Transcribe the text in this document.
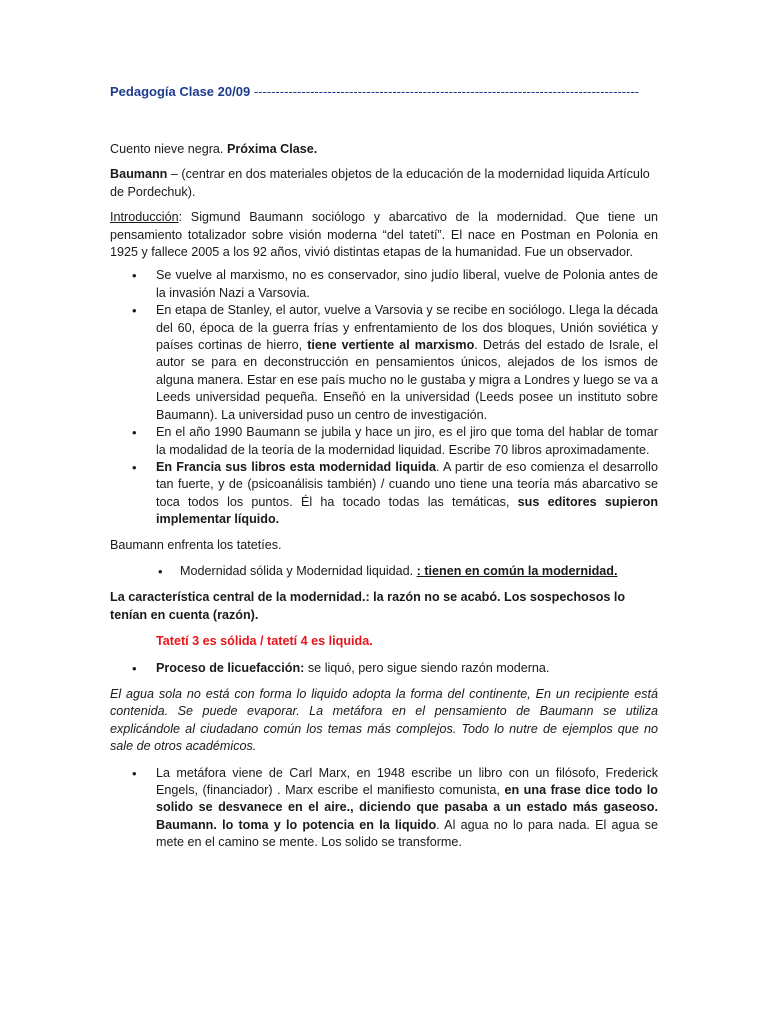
Pedagogía Clase 20/09 -----------------------------------------------------------------------------------------

Cuento nieve negra. Próxima Clase.

Baumann – (centrar en dos materiales objetos de la educación de la modernidad liquida Artículo de Pordechuk).

Introducción: Sigmund Baumann sociólogo y abarcativo de la modernidad. Que tiene un pensamiento totalizador sobre visión moderna “del tatetí”. El nace en Postman en Polonia en 1925 y fallece 2005 a los 92 años, vivió distintas etapas de la humanidad. Fue un observador.

• Se vuelve al marxismo, no es conservador, sino judío liberal, vuelve de Polonia antes de la invasión Nazi a Varsovia.
• En etapa de Stanley, el autor, vuelve a Varsovia y se recibe en sociólogo. Llega la década del 60, época de la guerra frías y enfrentamiento de los dos bloques, Unión soviética y países cortinas de hierro, tiene vertiente al marxismo. Detrás del estado de Israle, el autor se para en deconstrucción en pensamientos únicos, alejados de los ismos de alguna manera. Estar en ese país mucho no le gustaba y migra a Londres y luego se va a Leeds universidad pequeña. Enseñó en la universidad (Leeds posee un instituto sobre Baumann). La universidad puso un centro de investigación.
• En el año 1990 Baumann se jubila y hace un jiro, es el jiro que toma del hablar de tomar la modalidad de la teoría de la modernidad liquidad. Escribe 70 libros aproximadamente.
• En Francia sus libros esta modernidad liquida. A partir de eso comienza el desarrollo tan fuerte, y de (psicoanálisis también) / cuando uno tiene una teoría más abarcativo se toca todos los puntos. Él ha tocado todas las temáticas, sus editores supieron implementar líquido.

Baumann enfrenta los tatetíes.

• Modernidad sólida y Modernidad liquidad. : tienen en común la modernidad.

La característica central de la modernidad.: la razón no se acabó. Los sospechosos lo tenían en cuenta (razón).

Tatetí 3 es sólida / tatetí 4 es liquida.

• Proceso de licuefacción: se liquó, pero sigue siendo razón moderna.

El agua sola no está con forma lo liquido adopta la forma del continente, En un recipiente está contenida. Se puede evaporar. La metáfora en el pensamiento de Baumann se utiliza explicándole al ciudadano común los temas más complejos. Todo lo nutre de ejemplos que no sale de otros académicos.

• La metáfora viene de Carl Marx, en 1948 escribe un libro con un filósofo, Frederick Engels, (financiador) . Marx escribe el manifiesto comunista, en una frase dice todo lo solido se desvanece en el aire., diciendo que pasaba a un estado más gaseoso. Baumann. lo toma y lo potencia en la liquido. Al agua no lo para nada. El agua se mete en el camino se mente. Los solido se transforme.
